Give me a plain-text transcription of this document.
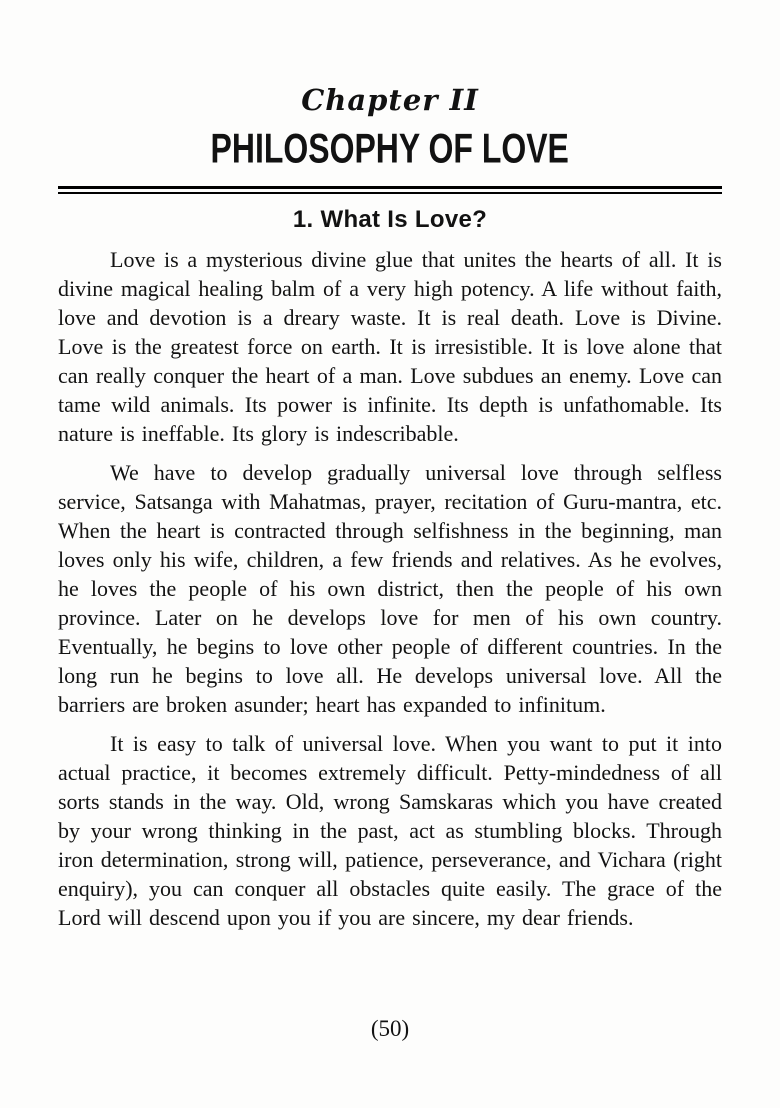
Chapter II
PHILOSOPHY OF LOVE
1. What Is Love?

Love is a mysterious divine glue that unites the hearts of all. It is divine magical healing balm of a very high potency. A life without faith, love and devotion is a dreary waste. It is real death. Love is Divine. Love is the greatest force on earth. It is irresistible. It is love alone that can really conquer the heart of a man. Love subdues an enemy. Love can tame wild animals. Its power is infinite. Its depth is unfathomable. Its nature is ineffable. Its glory is indescribable.

We have to develop gradually universal love through selfless service, Satsanga with Mahatmas, prayer, recitation of Guru-mantra, etc. When the heart is contracted through selfishness in the beginning, man loves only his wife, children, a few friends and relatives. As he evolves, he loves the people of his own district, then the people of his own province. Later on he develops love for men of his own country. Eventually, he begins to love other people of different countries. In the long run he begins to love all. He develops universal love. All the barriers are broken asunder; heart has expanded to infinitum.

It is easy to talk of universal love. When you want to put it into actual practice, it becomes extremely difficult. Petty-mindedness of all sorts stands in the way. Old, wrong Samskaras which you have created by your wrong thinking in the past, act as stumbling blocks. Through iron determination, strong will, patience, perseverance, and Vichara (right enquiry), you can conquer all obstacles quite easily. The grace of the Lord will descend upon you if you are sincere, my dear friends.

(50)
